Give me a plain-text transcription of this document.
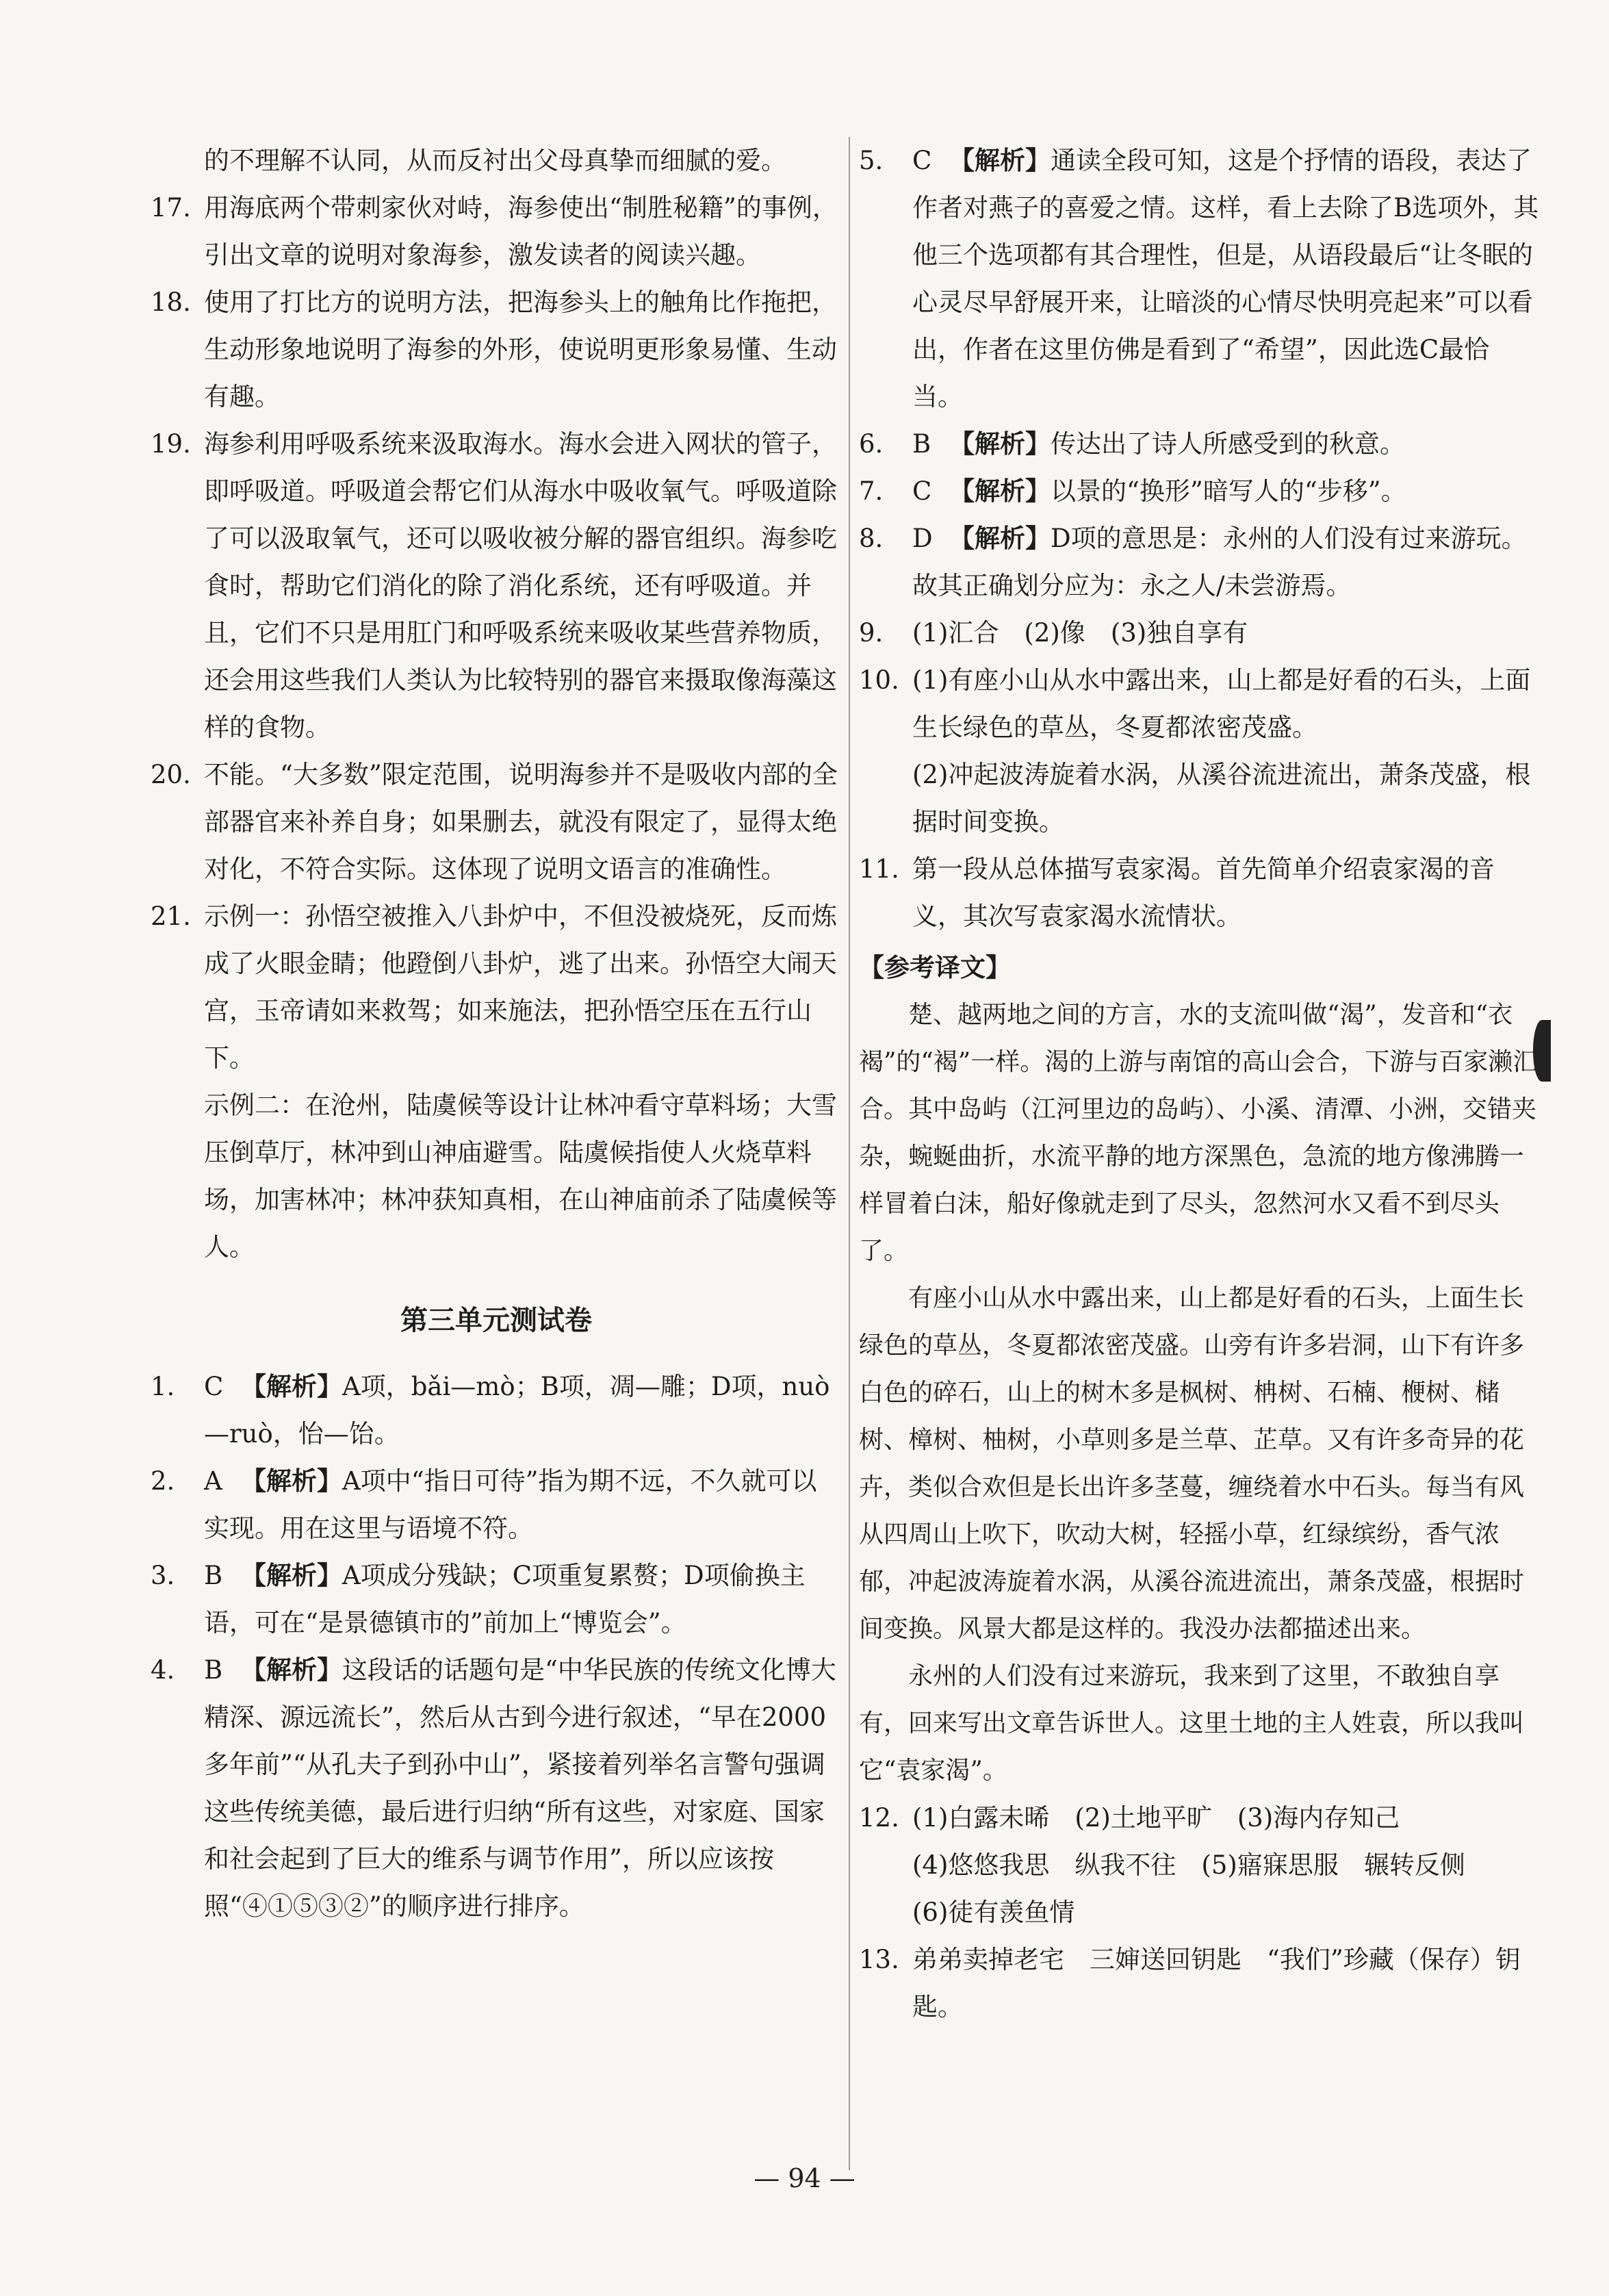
的不理解不认同，从而反衬出父母真挚而细腻的爱。
17. 用海底两个带刺家伙对峙，海参使出“制胜秘籍”的事例，引出文章的说明对象海参，激发读者的阅读兴趣。
18. 使用了打比方的说明方法，把海参头上的触角比作拖把，生动形象地说明了海参的外形，使说明更形象易懂、生动有趣。
19. 海参利用呼吸系统来汲取海水。海水会进入网状的管子，即呼吸道。呼吸道会帮它们从海水中吸收氧气。呼吸道除了可以汲取氧气，还可以吸收被分解的器官组织。海参吃食时，帮助它们消化的除了消化系统，还有呼吸道。并且，它们不只是用肛门和呼吸系统来吸收某些营养物质，还会用这些我们人类认为比较特别的器官来摄取像海藻这样的食物。
20. 不能。“大多数”限定范围，说明海参并不是吸收内部的全部器官来补养自身；如果删去，就没有限定了，显得太绝对化，不符合实际。这体现了说明文语言的准确性。
21. 示例一：孙悟空被推入八卦炉中，不但没被烧死，反而炼成了火眼金睛；他蹬倒八卦炉，逃了出来。孙悟空大闹天宫，玉帝请如来救驾；如来施法，把孙悟空压在五行山下。
示例二：在沧州，陆虞候等设计让林冲看守草料场；大雪压倒草厅，林冲到山神庙避雪。陆虞候指使人火烧草料场，加害林冲；林冲获知真相，在山神庙前杀了陆虞候等人。
第三单元测试卷
1.	C 【解析】A项，bǎi—mò；B项，凋—雕；D项，nuò—ruò，怡—饴。
2.	A 【解析】A项中“指日可待”指为期不远，不久就可以实现。用在这里与语境不符。
3.	B 【解析】A项成分残缺；C项重复累赘；D项偷换主语，可在“是景德镇市的”前加上“博览会”。
4.	B 【解析】这段话的话题句是“中华民族的传统文化博大精深、源远流长”，然后从古到今进行叙述，“早在2000多年前”“从孔夫子到孙中山”，紧接着列举名言警句强调这些传统美德，最后进行归纳“所有这些，对家庭、国家和社会起到了巨大的维系与调节作用”，所以应该按照“④①⑤③②”的顺序进行排序。
5.	C 【解析】通读全段可知，这是个抒情的语段，表达了作者对燕子的喜爱之情。这样，看上去除了B选项外，其他三个选项都有其合理性，但是，从语段最后“让冬眠的心灵尽早舒展开来，让暗淡的心情尽快明亮起来”可以看出，作者在这里仿佛是看到了“希望”，因此选C最恰当。
6.	B 【解析】传达出了诗人所感受到的秋意。
7.	C 【解析】以景的“换形”暗写人的“步移”。
8.	D 【解析】D项的意思是：永州的人们没有过来游玩。故其正确划分应为：永之人/未尝游焉。
9.	(1)汇合　(2)像　(3)独自享有
10. (1)有座小山从水中露出来，山上都是好看的石头，上面生长绿色的草丛，冬夏都浓密茂盛。
(2)冲起波涛旋着水涡，从溪谷流进流出，萧条茂盛，根据时间变换。
11. 第一段从总体描写袁家渴。首先简单介绍袁家渴的音义，其次写袁家渴水流情状。
【参考译文】
楚、越两地之间的方言，水的支流叫做“渴”，发音和“衣褐”的“褐”一样。渴的上游与南馆的高山会合，下游与百家濑汇合。其中岛屿（江河里边的岛屿）、小溪、清潭、小洲，交错夹杂，蜿蜒曲折，水流平静的地方深黑色，急流的地方像沸腾一样冒着白沫，船好像就走到了尽头，忽然河水又看不到尽头了。
有座小山从水中露出来，山上都是好看的石头，上面生长绿色的草丛，冬夏都浓密茂盛。山旁有许多岩洞，山下有许多白色的碎石，山上的树木多是枫树、柟树、石楠、楩树、槠树、樟树、柚树，小草则多是兰草、芷草。又有许多奇异的花卉，类似合欢但是长出许多茎蔓，缠绕着水中石头。每当有风从四周山上吹下，吹动大树，轻摇小草，红绿缤纷，香气浓郁，冲起波涛旋着水涡，从溪谷流进流出，萧条茂盛，根据时间变换。风景大都是这样的。我没办法都描述出来。
永州的人们没有过来游玩，我来到了这里，不敢独自享有，回来写出文章告诉世人。这里土地的主人姓袁，所以我叫它“袁家渴”。
12. (1)白露未晞　(2)土地平旷　(3)海内存知己
(4)悠悠我思　纵我不往　(5)寤寐思服　辗转反侧
(6)徒有羡鱼情
13. 弟弟卖掉老宅　三婶送回钥匙　“我们”珍藏（保存）钥匙。
— 94 —
